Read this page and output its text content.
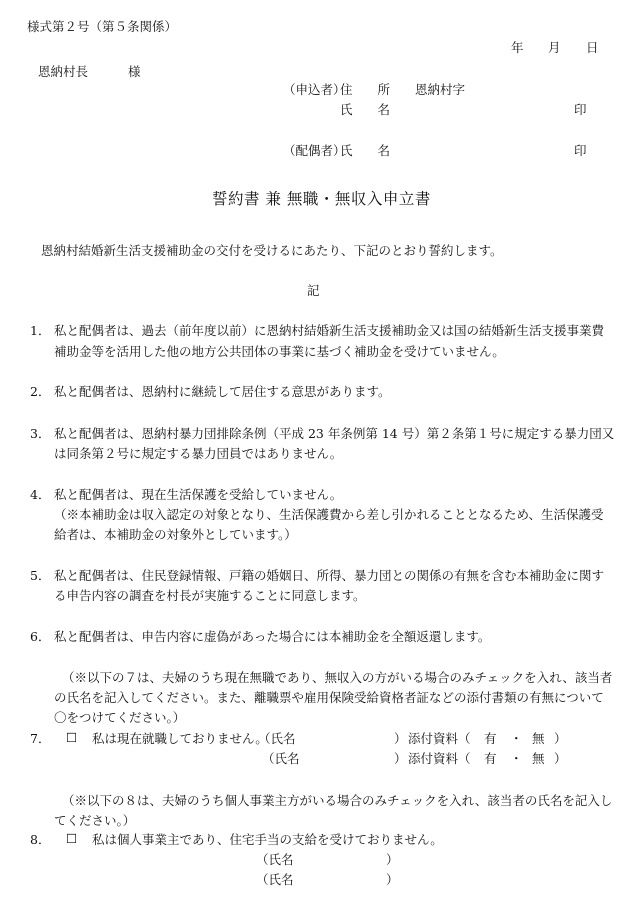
様式第２号（第５条関係）
年 月 日
恩納村長	様
（申込者）
住　　所 恩納村字
氏　　名	印
（配偶者）
氏　　名	印
誓約書 兼 無職・無収入申立書
恩納村結婚新生活支援補助金の交付を受けるにあたり、下記のとおり誓約します。
記
1． 私と配偶者は、過去（前年度以前）に恩納村結婚新生活支援補助金又は国の結婚新生活支援事業費
補助金等を活用した他の地方公共団体の事業に基づく補助金を受けていません。
2． 私と配偶者は、恩納村に継続して居住する意思があります。
3． 私と配偶者は、恩納村暴力団排除条例（平成 23 年条例第 14 号）第２条第１号に規定する暴力団又
は同条第２号に規定する暴力団員ではありません。
4． 私と配偶者は、現在生活保護を受給していません。
（※本補助金は収入認定の対象となり、生活保護費から差し引かれることとなるため、生活保護受
給者は、本補助金の対象外としています。）
5． 私と配偶者は、住民登録情報、戸籍の婚姻日、所得、暴力団との関係の有無を含む本補助金に関す
る申告内容の調査を村長が実施することに同意します。
6． 私と配偶者は、申告内容に虚偽があった場合には本補助金を全額返還します。
（※以下の７は、夫婦のうち現在無職であり、無収入の方がいる場合のみチェックを入れ、該当者
の氏名を記入してください。また、離職票や雇用保険受給資格者証などの添付書類の有無について
〇をつけてください。）
7． ☐ 私は現在就職しておりません。
（氏名	） 添付資料（ 有 ・ 無 ）
（氏名	） 添付資料（ 有 ・ 無 ）
（※以下の８は、夫婦のうち個人事業主方がいる場合のみチェックを入れ、該当者の氏名を記入し
てください。）
8． ☐ 私は個人事業主であり、住宅手当の支給を受けておりません。
（氏名	）
（氏名	）
